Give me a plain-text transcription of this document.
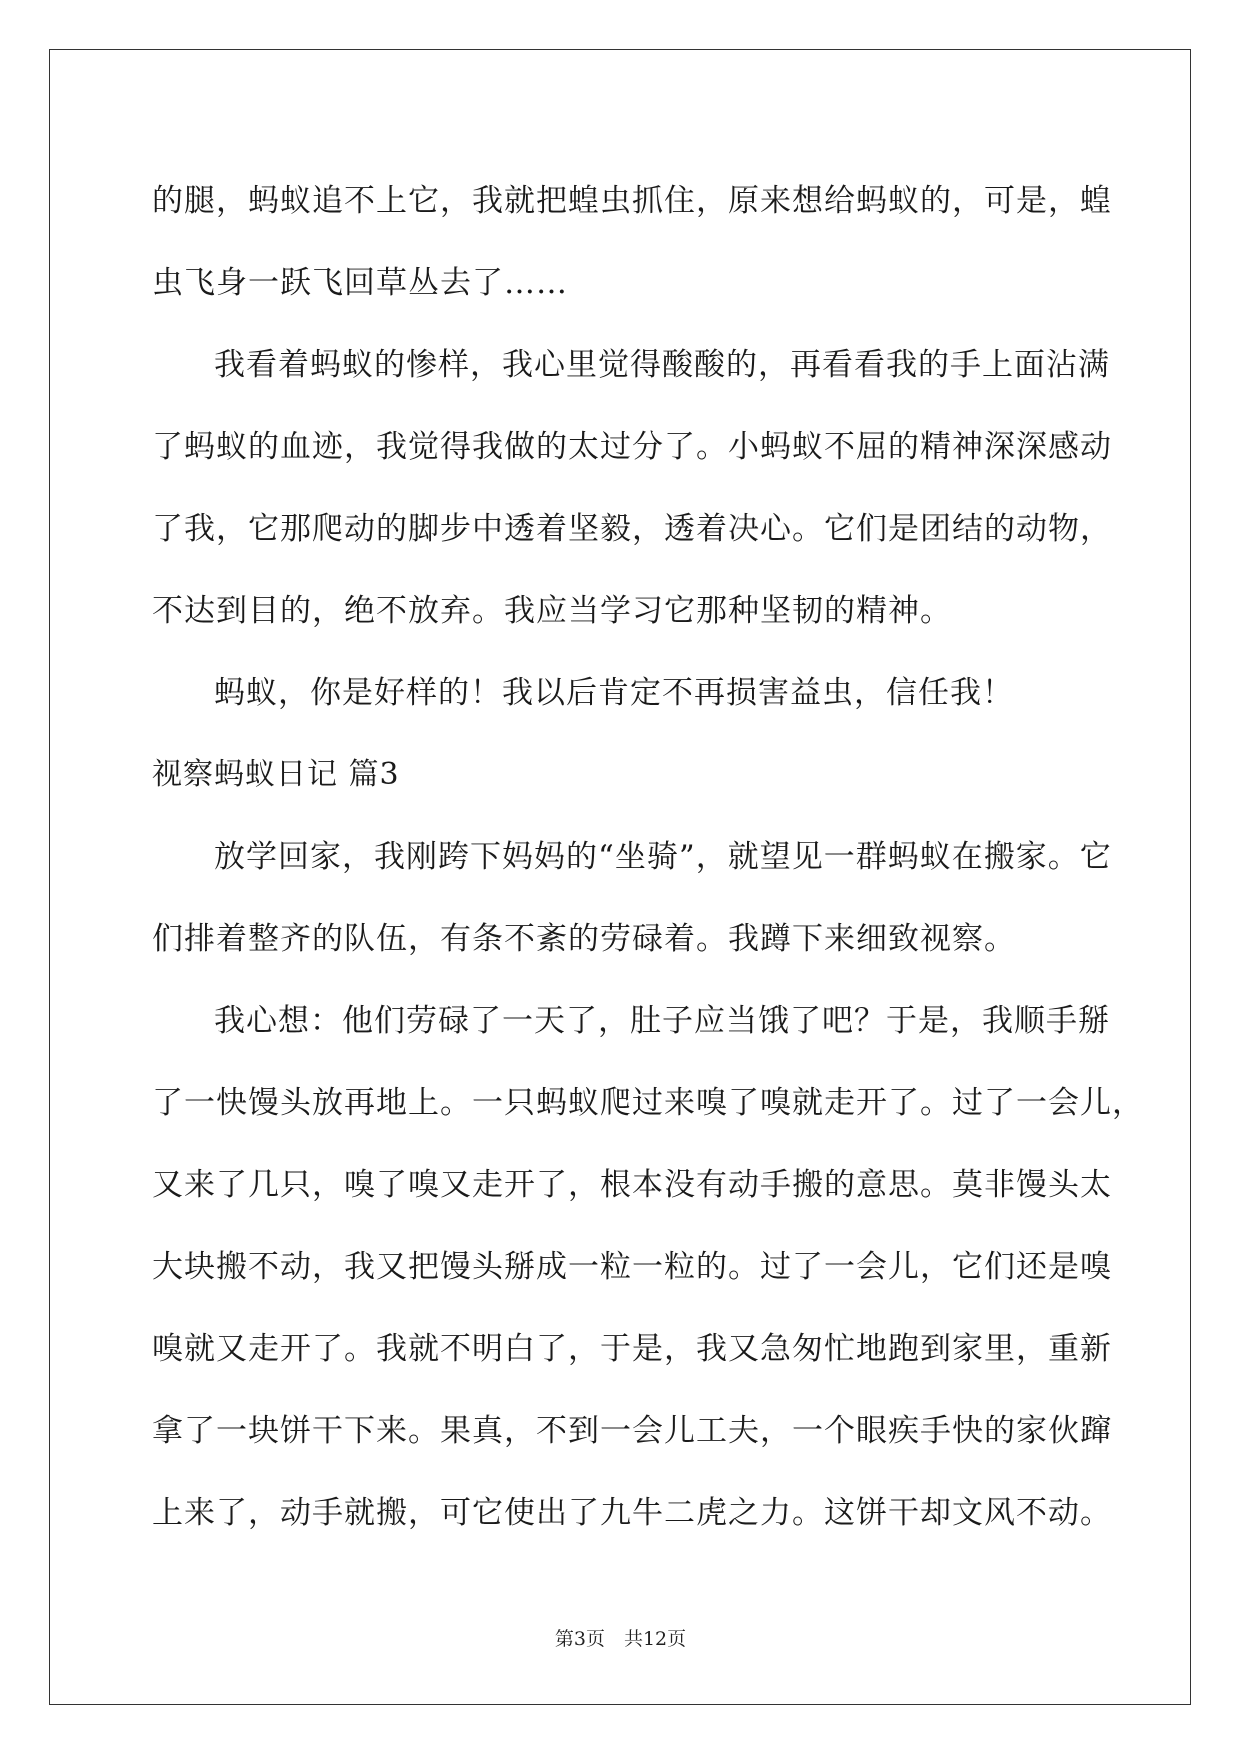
的腿，蚂蚁追不上它，我就把蝗虫抓住，原来想给蚂蚁的，可是，蝗
虫飞身一跃飞回草丛去了……
我看着蚂蚁的惨样，我心里觉得酸酸的，再看看我的手上面沾满
了蚂蚁的血迹，我觉得我做的太过分了。小蚂蚁不屈的精神深深感动
了我，它那爬动的脚步中透着坚毅，透着决心。它们是团结的动物，
不达到目的，绝不放弃。我应当学习它那种坚韧的精神。
蚂蚁，你是好样的！我以后肯定不再损害益虫，信任我！
视察蚂蚁日记 篇3
放学回家，我刚跨下妈妈的“坐骑”，就望见一群蚂蚁在搬家。它
们排着整齐的队伍，有条不紊的劳碌着。我蹲下来细致视察。
我心想：他们劳碌了一天了，肚子应当饿了吧？于是，我顺手掰
了一快馒头放再地上。一只蚂蚁爬过来嗅了嗅就走开了。过了一会儿，
又来了几只，嗅了嗅又走开了，根本没有动手搬的意思。莫非馒头太
大块搬不动，我又把馒头掰成一粒一粒的。过了一会儿，它们还是嗅
嗅就又走开了。我就不明白了，于是，我又急匆忙地跑到家里，重新
拿了一块饼干下来。果真，不到一会儿工夫，一个眼疾手快的家伙蹿
上来了，动手就搬，可它使出了九牛二虎之力。这饼干却文风不动。
第3页　共12页
